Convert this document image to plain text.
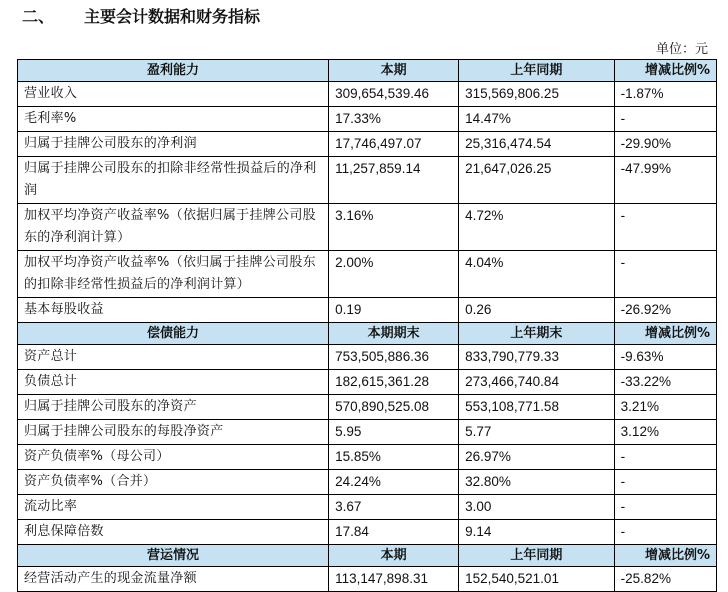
二、 主要会计数据和财务指标
单位：元
盈利能力	本期	上年同期	增减比例%
营业收入	309,654,539.46	315,569,806.25	-1.87%
毛利率%	17.33%	14.47%	-
归属于挂牌公司股东的净利润	17,746,497.07	25,316,474.54	-29.90%
归属于挂牌公司股东的扣除非经常性损益后的净利润	11,257,859.14	21,647,026.25	-47.99%
加权平均净资产收益率%（依据归属于挂牌公司股东的净利润计算）	3.16%	4.72%	-
加权平均净资产收益率%（依归属于挂牌公司股东的扣除非经常性损益后的净利润计算）	2.00%	4.04%	-
基本每股收益	0.19	0.26	-26.92%
偿债能力	本期期末	上年期末	增减比例%
资产总计	753,505,886.36	833,790,779.33	-9.63%
负债总计	182,615,361.28	273,466,740.84	-33.22%
归属于挂牌公司股东的净资产	570,890,525.08	553,108,771.58	3.21%
归属于挂牌公司股东的每股净资产	5.95	5.77	3.12%
资产负债率%（母公司）	15.85%	26.97%	-
资产负债率%（合并）	24.24%	32.80%	-
流动比率	3.67	3.00	-
利息保障倍数	17.84	9.14	-
营运情况	本期	上年同期	增减比例%
经营活动产生的现金流量净额	113,147,898.31	152,540,521.01	-25.82%
